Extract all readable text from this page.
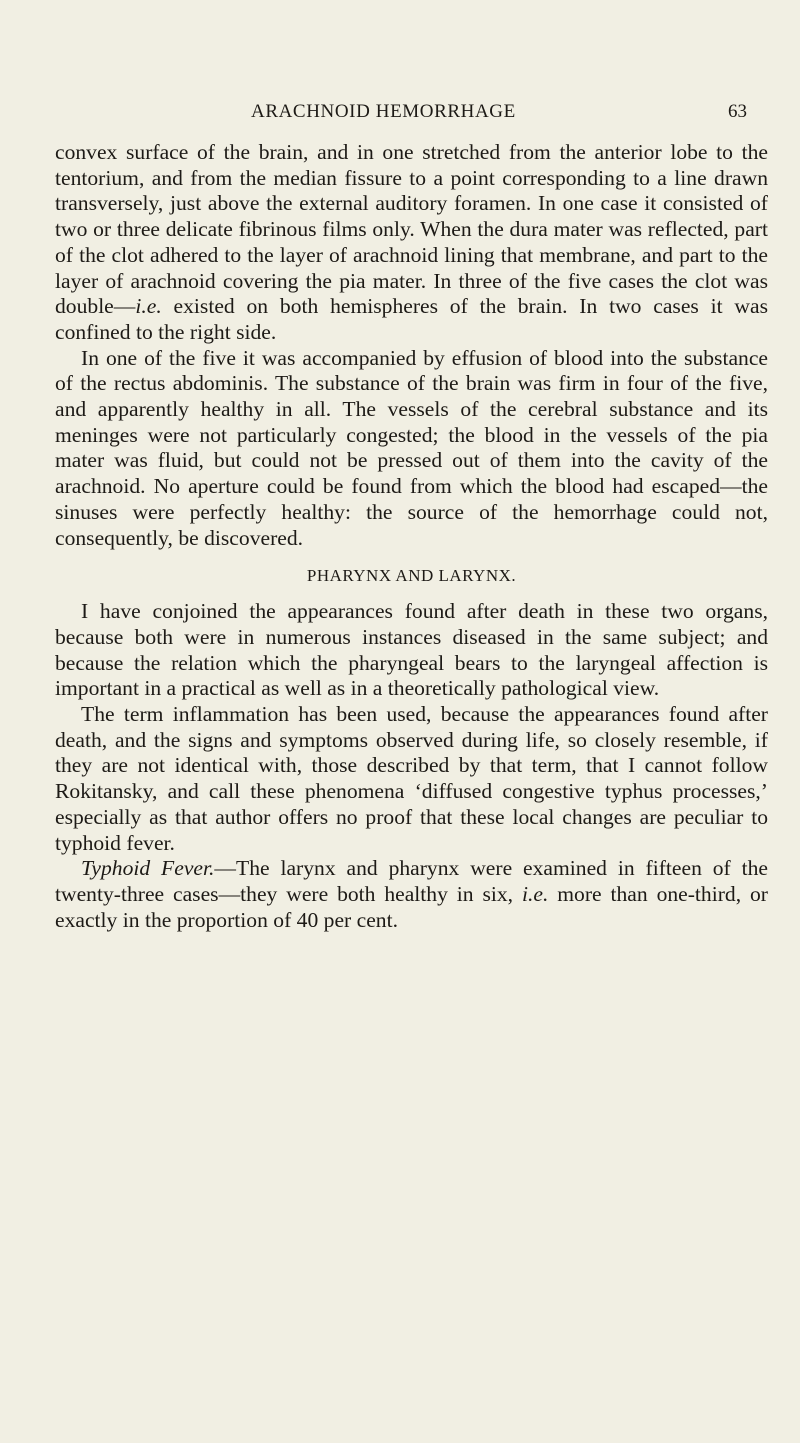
ARACHNOID HEMORRHAGE	63

convex surface of the brain, and in one stretched from the anterior lobe to the tentorium, and from the median fissure to a point corresponding to a line drawn transversely, just above the external auditory foramen. In one case it consisted of two or three delicate fibrinous films only. When the dura mater was reflected, part of the clot adhered to the layer of arachnoid lining that membrane, and part to the layer of arachnoid covering the pia mater. In three of the five cases the clot was double—i.e. existed on both hemispheres of the brain. In two cases it was confined to the right side.

In one of the five it was accompanied by effusion of blood into the substance of the rectus abdominis. The substance of the brain was firm in four of the five, and apparently healthy in all. The vessels of the cerebral substance and its meninges were not particularly congested; the blood in the vessels of the pia mater was fluid, but could not be pressed out of them into the cavity of the arachnoid. No aperture could be found from which the blood had escaped—the sinuses were perfectly healthy: the source of the hemorrhage could not, consequently, be discovered.

PHARYNX AND LARYNX.

I have conjoined the appearances found after death in these two organs, because both were in numerous instances diseased in the same subject; and because the relation which the pharyngeal bears to the laryngeal affection is important in a practical as well as in a theoretically pathological view.

The term inflammation has been used, because the appearances found after death, and the signs and symptoms observed during life, so closely resemble, if they are not identical with, those described by that term, that I cannot follow Rokitansky, and call these phenomena ‘diffused congestive typhus processes,’ especially as that author offers no proof that these local changes are peculiar to typhoid fever.

Typhoid Fever.—The larynx and pharynx were examined in fifteen of the twenty-three cases—they were both healthy in six, i.e. more than one-third, or exactly in the proportion of 40 per cent.
